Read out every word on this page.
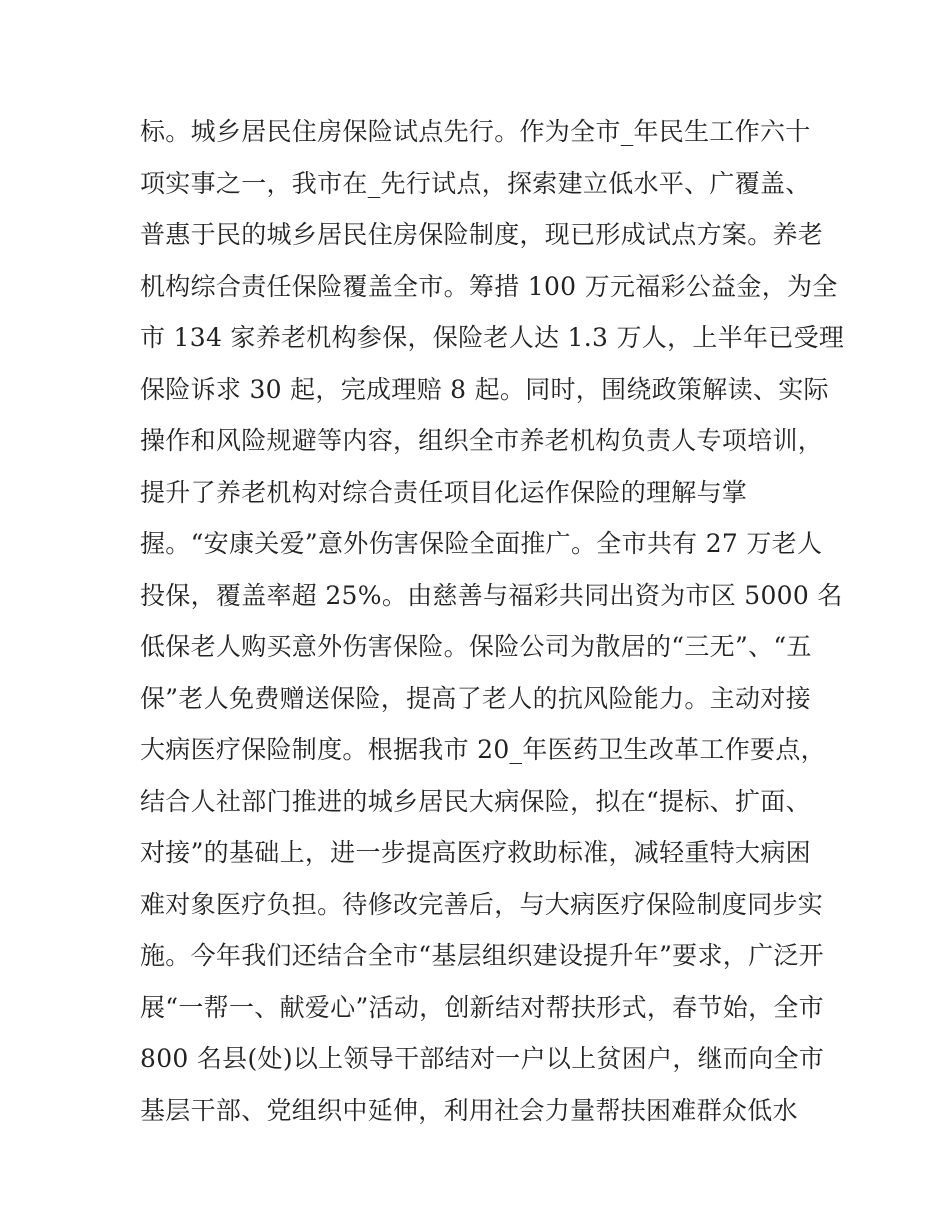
标。城乡居民住房保险试点先行。作为全市_年民生工作六十
项实事之一，我市在_先行试点，探索建立低水平、广覆盖、
普惠于民的城乡居民住房保险制度，现已形成试点方案。养老
机构综合责任保险覆盖全市。筹措 100 万元福彩公益金，为全
市 134 家养老机构参保，保险老人达 1.3 万人，上半年已受理
保险诉求 30 起，完成理赔 8 起。同时，围绕政策解读、实际
操作和风险规避等内容，组织全市养老机构负责人专项培训，
提升了养老机构对综合责任项目化运作保险的理解与掌
握。“安康关爱”意外伤害保险全面推广。全市共有 27 万老人
投保，覆盖率超 25%。由慈善与福彩共同出资为市区 5000 名
低保老人购买意外伤害保险。保险公司为散居的“三无”、“五
保”老人免费赠送保险，提高了老人的抗风险能力。主动对接
大病医疗保险制度。根据我市 20_年医药卫生改革工作要点，
结合人社部门推进的城乡居民大病保险，拟在“提标、扩面、
对接”的基础上，进一步提高医疗救助标准，减轻重特大病困
难对象医疗负担。待修改完善后，与大病医疗保险制度同步实
施。今年我们还结合全市“基层组织建设提升年”要求，广泛开
展“一帮一、献爱心”活动，创新结对帮扶形式，春节始，全市
800 名县(处)以上领导干部结对一户以上贫困户，继而向全市
基层干部、党组织中延伸，利用社会力量帮扶困难群众低水
